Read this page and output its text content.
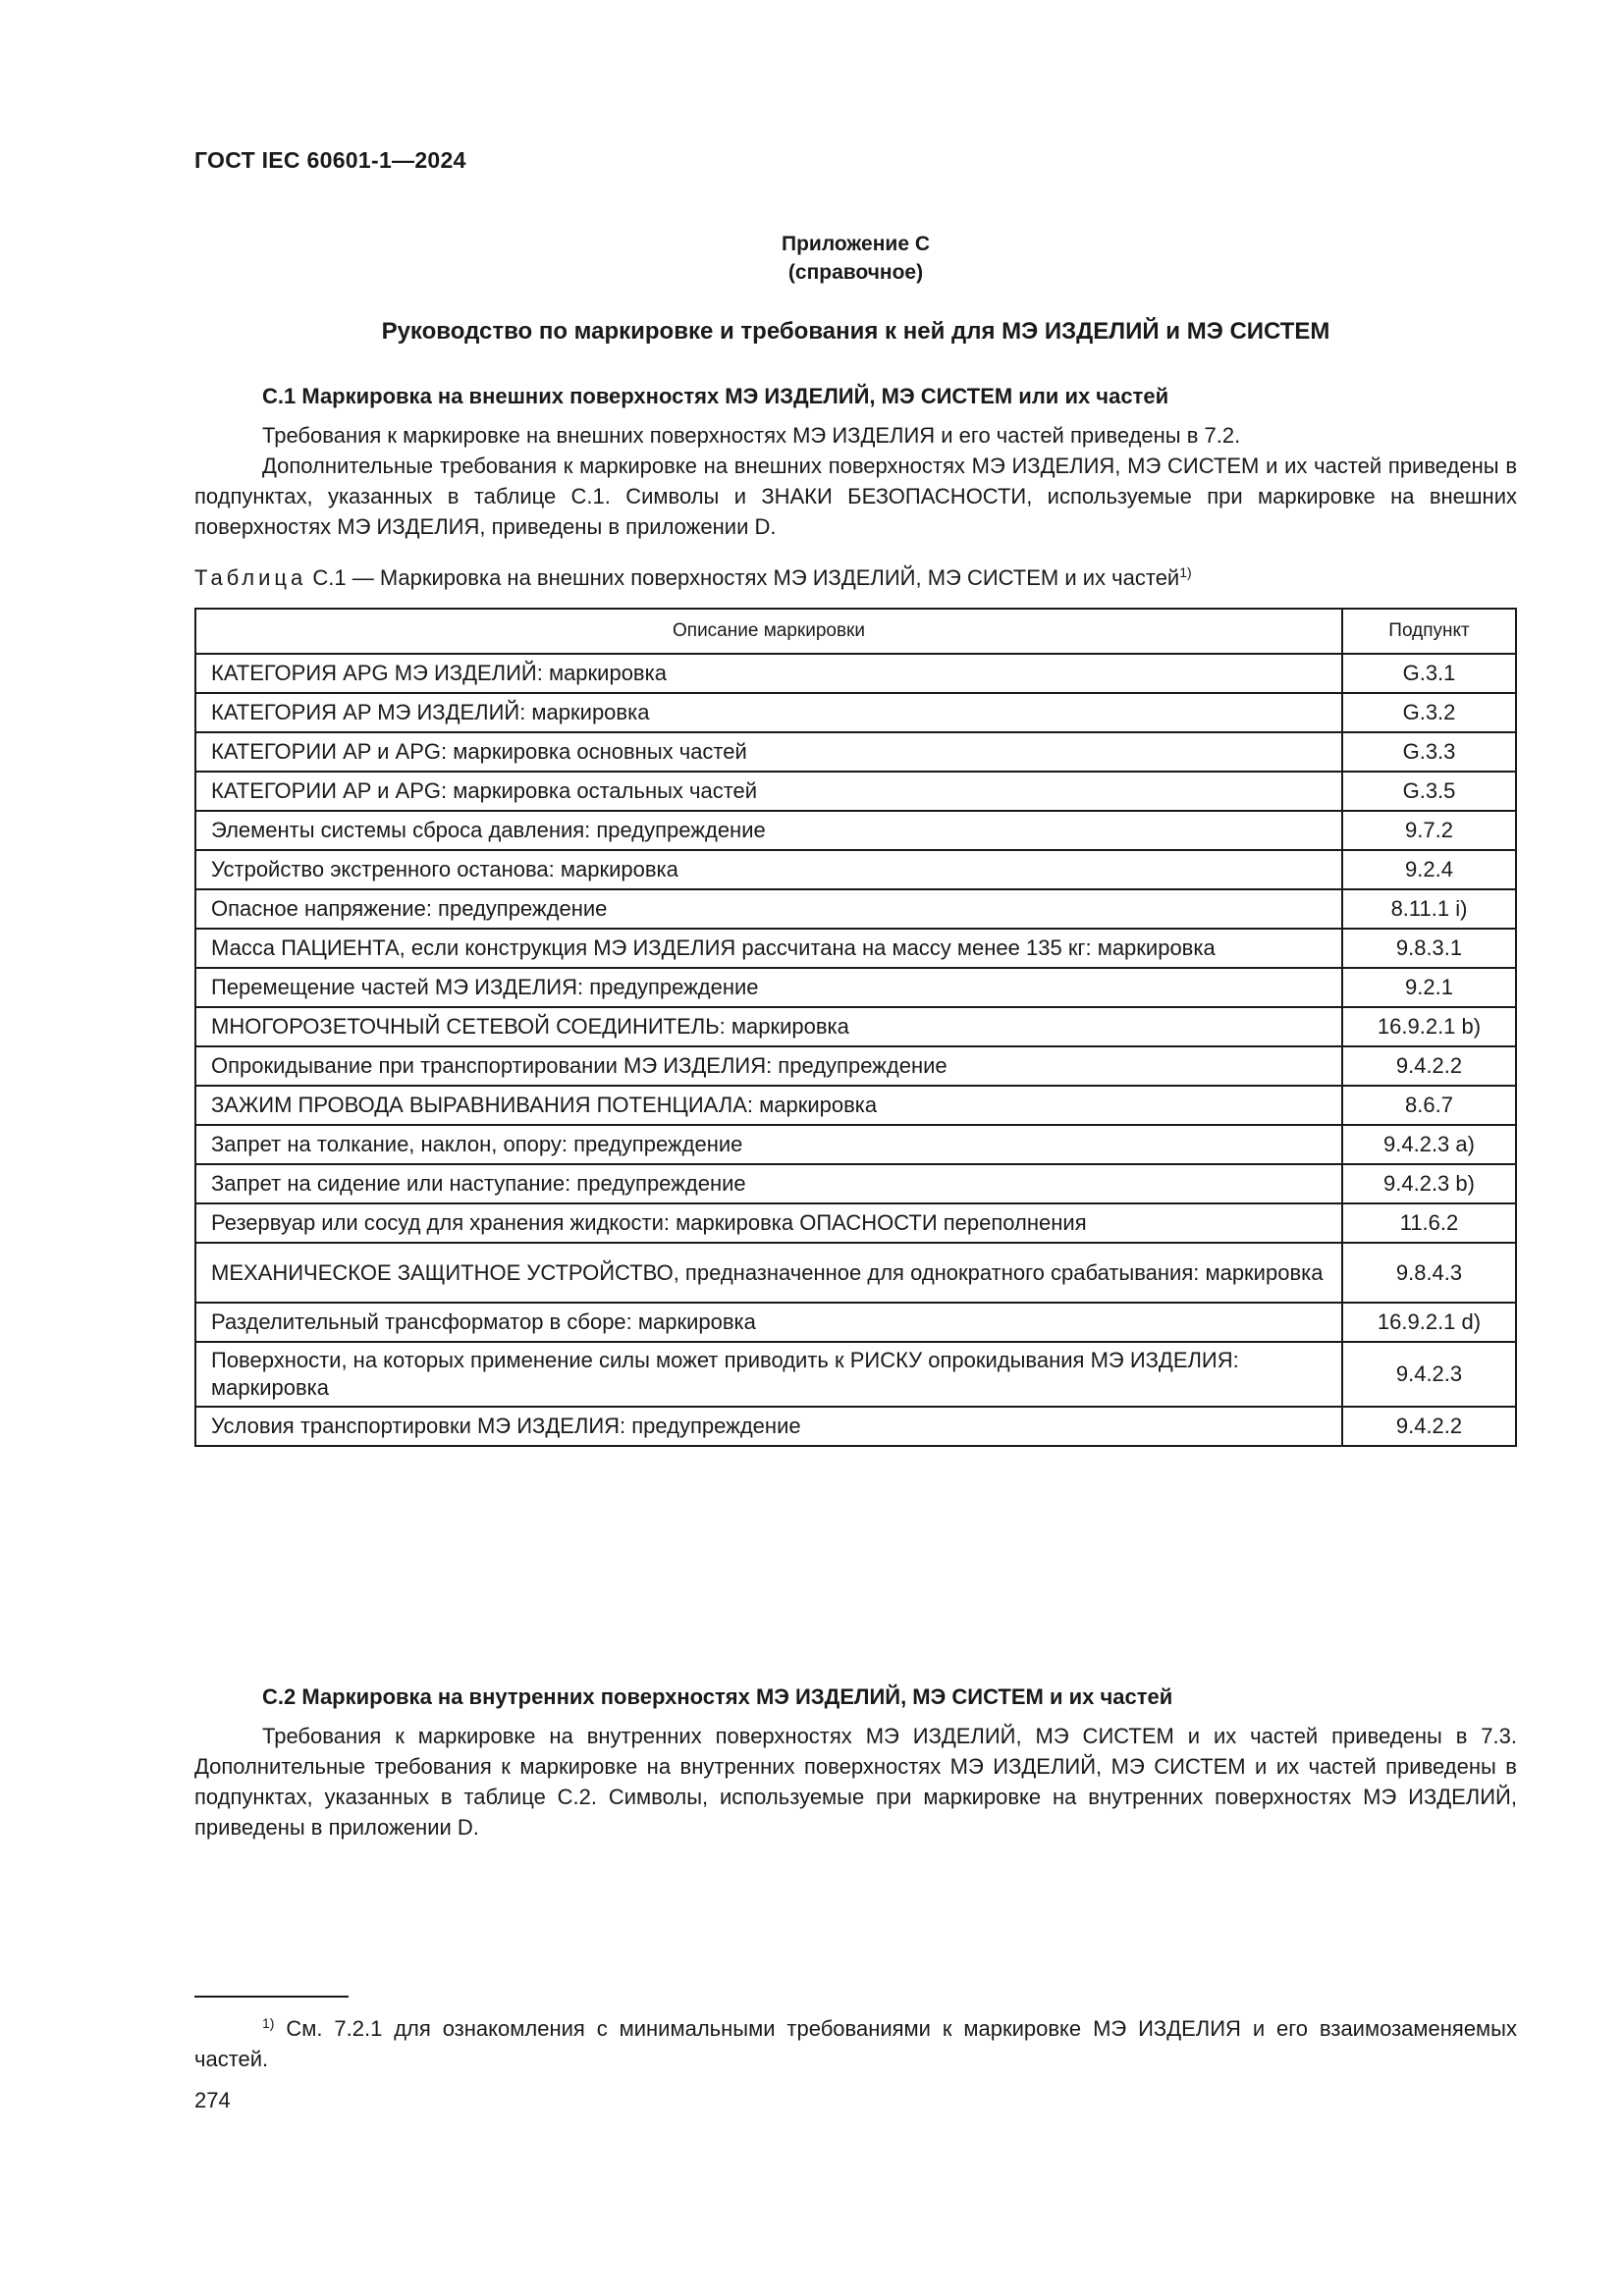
ГОСТ IEC 60601-1—2024
Приложение С
(справочное)
Руководство по маркировке и требования к ней для МЭ ИЗДЕЛИЙ и МЭ СИСТЕМ
С.1 Маркировка на внешних поверхностях МЭ ИЗДЕЛИЙ, МЭ СИСТЕМ или их частей

Требования к маркировке на внешних поверхностях МЭ ИЗДЕЛИЯ и его частей приведены в 7.2.

Дополнительные требования к маркировке на внешних поверхностях МЭ ИЗДЕЛИЯ, МЭ СИСТЕМ и их частей приведены в подпунктах, указанных в таблице С.1. Символы и ЗНАКИ БЕЗОПАСНОСТИ, используемые при маркировке на внешних поверхностях МЭ ИЗДЕЛИЯ, приведены в приложении D.

Таблица С.1 — Маркировка на внешних поверхностях МЭ ИЗДЕЛИЙ, МЭ СИСТЕМ и их частей$^{1)}$
Описание маркировки	Подпункт
КАТЕГОРИЯ APG МЭ ИЗДЕЛИЙ: маркировка	G.3.1
КАТЕГОРИЯ AP МЭ ИЗДЕЛИЙ: маркировка	G.3.2
КАТЕГОРИИ AP и APG: маркировка основных частей	G.3.3
КАТЕГОРИИ AP и APG: маркировка остальных частей	G.3.5
Элементы системы сброса давления: предупреждение	9.7.2
Устройство экстренного останова: маркировка	9.2.4
Опасное напряжение: предупреждение	8.11.1 i)
Масса ПАЦИЕНТА, если конструкция МЭ ИЗДЕЛИЯ рассчитана на массу менее 135 кг: маркировка	9.8.3.1
Перемещение частей МЭ ИЗДЕЛИЯ: предупреждение	9.2.1
МНОГОРОЗЕТОЧНЫЙ СЕТЕВОЙ СОЕДИНИТЕЛЬ: маркировка	16.9.2.1 b)
Опрокидывание при транспортировании МЭ ИЗДЕЛИЯ: предупреждение	9.4.2.2
ЗАЖИМ ПРОВОДА ВЫРАВНИВАНИЯ ПОТЕНЦИАЛА: маркировка	8.6.7
Запрет на толкание, наклон, опору: предупреждение	9.4.2.3 a)
Запрет на сидение или наступание: предупреждение	9.4.2.3 b)
Резервуар или сосуд для хранения жидкости: маркировка ОПАСНОСТИ переполнения	11.6.2
МЕХАНИЧЕСКОЕ ЗАЩИТНОЕ УСТРОЙСТВО, предназначенное для однократного срабатывания: маркировка	9.8.4.3
Разделительный трансформатор в сборе: маркировка	16.9.2.1 d)
Поверхности, на которых применение силы может приводить к РИСКУ опрокидывания МЭ ИЗДЕЛИЯ: маркировка	9.4.2.3
Условия транспортировки МЭ ИЗДЕЛИЯ: предупреждение	9.4.2.2
С.2 Маркировка на внутренних поверхностях МЭ ИЗДЕЛИЙ, МЭ СИСТЕМ и их частей

Требования к маркировке на внутренних поверхностях МЭ ИЗДЕЛИЙ, МЭ СИСТЕМ и их частей приведены в 7.3. Дополнительные требования к маркировке на внутренних поверхностях МЭ ИЗДЕЛИЙ, МЭ СИСТЕМ и их частей приведены в подпунктах, указанных в таблице С.2. Символы, используемые при маркировке на внутренних поверхностях МЭ ИЗДЕЛИЙ, приведены в приложении D.

$^{1)}$ См. 7.2.1 для ознакомления с минимальными требованиями к маркировке МЭ ИЗДЕЛИЯ и его взаимозаменяемых частей.

274
